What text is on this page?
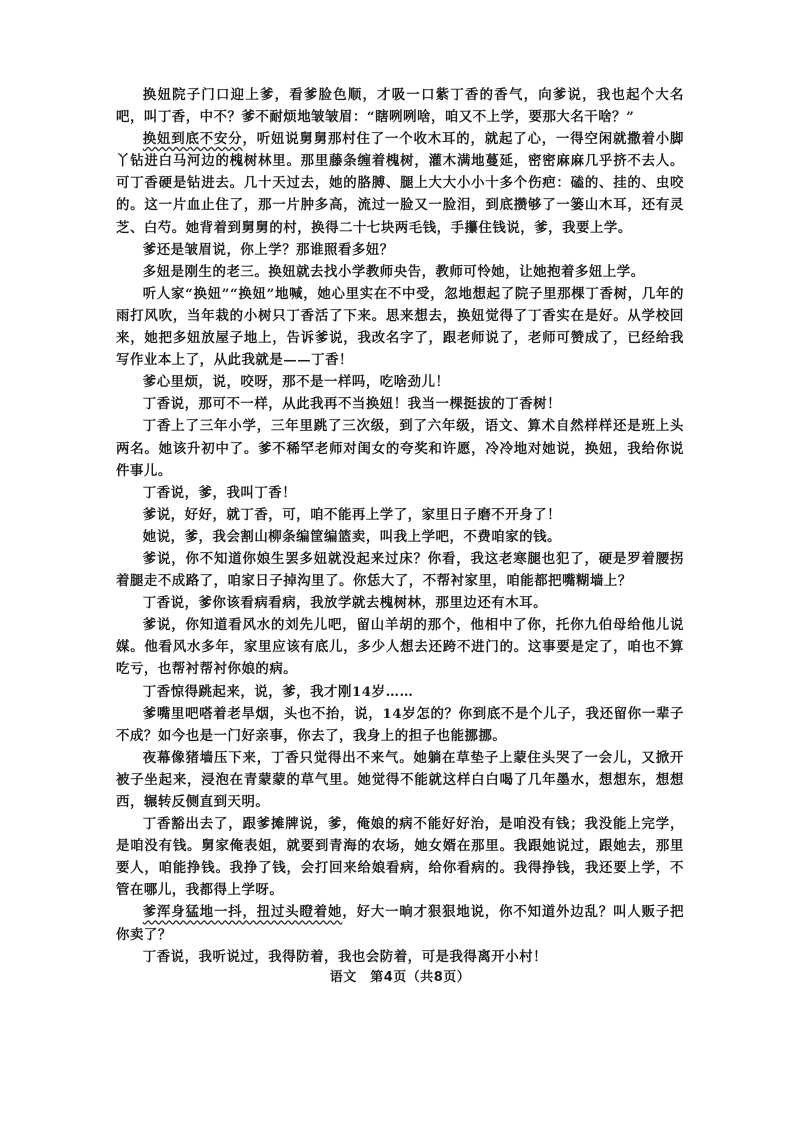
换妞院子门口迎上爹，看爹脸色顺，才吸一口紫丁香的香气，向爹说，我也起个大名吧，叫丁香，中不？爹不耐烦地皱皱眉：“瞎咧咧啥，咱又不上学，要那大名干啥？”

换妞到底不安分，听妞说舅舅那村住了一个收木耳的，就起了心，一得空闲就撒着小脚丫钻进白马河边的槐树林里。那里藤条缠着槐树，灌木满地蔓延，密密麻麻几乎挤不去人。可丁香硬是钻进去。几十天过去，她的胳膊、腿上大大小小十多个伤疤：磕的、挂的、虫咬的。这一片血止住了，那一片肿多高，流过一脸又一脸泪，到底攒够了一篓山木耳，还有灵芝、白芍。她背着到舅舅的村，换得二十七块两毛钱，手攥住钱说，爹，我要上学。

爹还是皱眉说，你上学？那谁照看多妞？

多妞是刚生的老三。换妞就去找小学教师央告，教师可怜她，让她抱着多妞上学。

听人家“换妞”“换妞”地喊，她心里实在不中受，忽地想起了院子里那棵丁香树，几年的雨打风吹，当年栽的小树只丁香活了下来。思来想去，换妞觉得了丁香实在是好。从学校回来，她把多妞放屋子地上，告诉爹说，我改名字了，跟老师说了，老师可赞成了，已经给我写作业本上了，从此我就是——丁香！

爹心里烦，说，咬呀，那不是一样吗，吃啥劲儿！

丁香说，那可不一样，从此我再不当换妞！我当一棵挺拔的丁香树！

丁香上了三年小学，三年里跳了三次级，到了六年级，语文、算术自然样样还是班上头两名。她该升初中了。爹不稀罕老师对闺女的夸奖和许愿，冷冷地对她说，换妞，我给你说件事儿。

丁香说，爹，我叫丁香！

爹说，好好，就丁香，可，咱不能再上学了，家里日子磨不开身了！

她说，爹，我会割山柳条编筐编篮卖，叫我上学吧，不费咱家的钱。

爹说，你不知道你娘生罢多妞就没起来过床？你看，我这老寒腿也犯了，硬是罗着腰拐着腿走不成路了，咱家日子掉沟里了。你恁大了，不帮衬家里，咱能都把嘴糊墙上？

丁香说，爹你该看病看病，我放学就去槐树林，那里边还有木耳。

爹说，你知道看风水的刘先儿吧，留山羊胡的那个，他相中了你，托你九伯母给他儿说媒。他看风水多年，家里应该有底儿，多少人想去还跨不进门的。这事要是定了，咱也不算吃亏，也帮衬帮衬你娘的病。

丁香惊得跳起来，说，爹，我才刚14岁……

爹嘴里吧嗒着老旱烟，头也不抬，说，14岁怎的？你到底不是个儿子，我还留你一辈子不成？如今也是一门好亲事，你去了，我身上的担子也能挪挪。

夜幕像猪墙压下来，丁香只觉得出不来气。她躺在草垫子上蒙住头哭了一会儿，又掀开被子坐起来，浸泡在青蒙蒙的草气里。她觉得不能就这样白白喝了几年墨水，想想东，想想西，辗转反侧直到天明。

丁香豁出去了，跟爹摊牌说，爹，俺娘的病不能好好治，是咱没有钱；我没能上完学，是咱没有钱。舅家俺表姐，就要到青海的农场，她女婿在那里。我跟她说过，跟她去，那里要人，咱能挣钱。我挣了钱，会打回来给娘看病，给你看病的。我得挣钱，我还要上学，不管在哪儿，我都得上学呀。

爹浑身猛地一抖，扭过头瞪着她，好大一晌才狠狠地说，你不知道外边乱？叫人贩子把你卖了？

丁香说，我听说过，我得防着，我也会防着，可是我得离开小村！

语文　第4页（共8页）
